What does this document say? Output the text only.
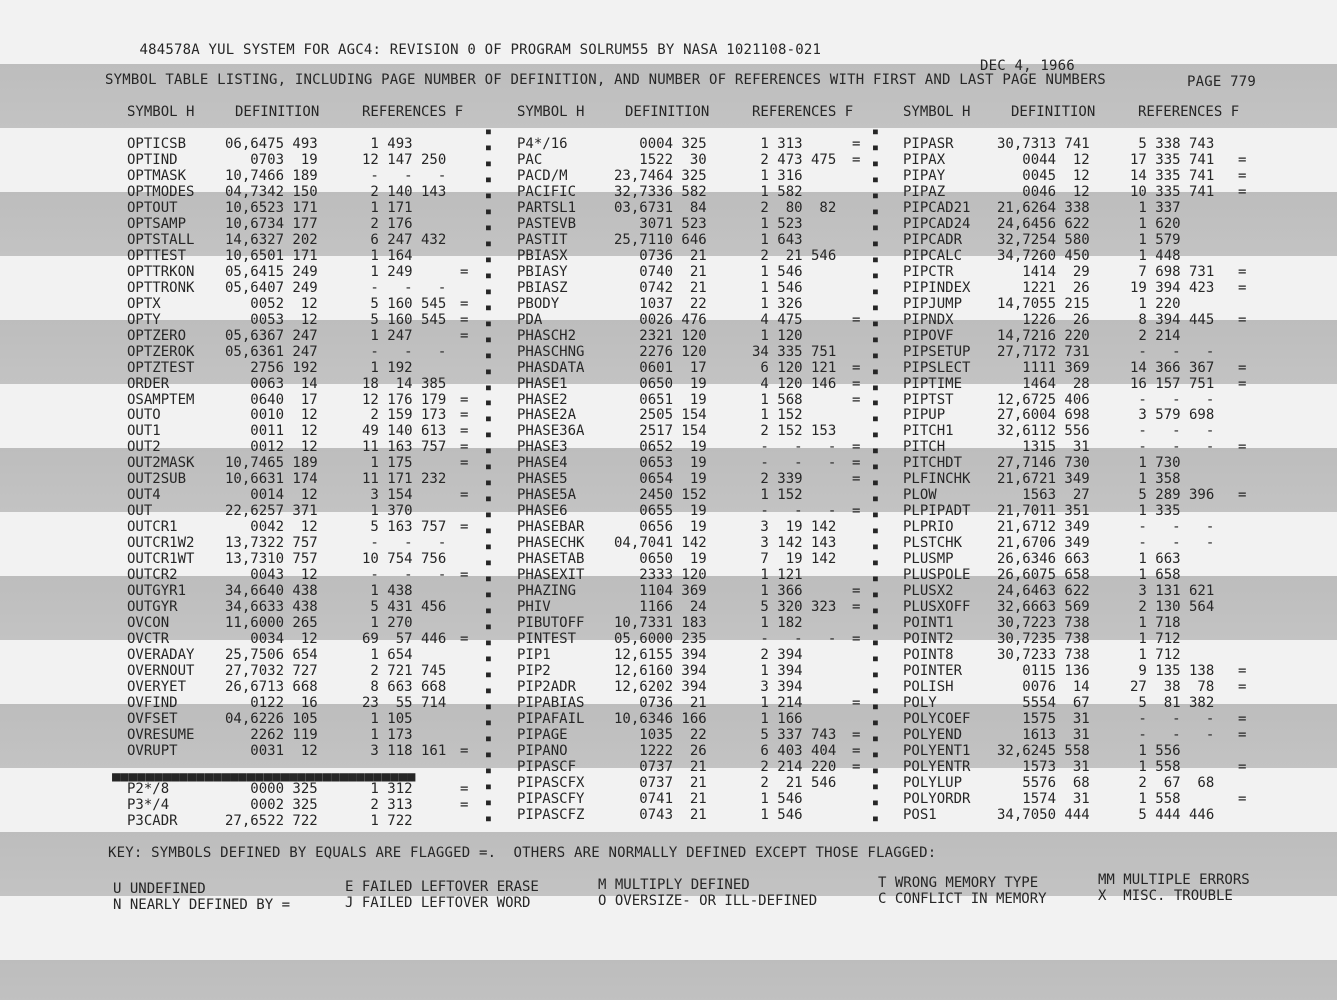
484578A YUL SYSTEM FOR AGC4: REVISION 0 OF PROGRAM SOLRUM55 BY NASA 1021108-021

DEC 4, 1966

PAGE 779

SYMBOL TABLE LISTING, INCLUDING PAGE NUMBER OF DEFINITION, AND NUMBER OF REFERENCES WITH FIRST AND LAST PAGE NUMBERS
SYMBOL H	DEFINITION	REFERENCES F	SYMBOL H	DEFINITION	REFERENCES F	SYMBOL H	DEFINITION	REFERENCES F
OPTICSB	06,6475 493	1 493
OPTIND	0703  19	12 147 250
OPTMASK	10,7466 189	-   -   -
OPTMODES 04,7342 150	2 140 143
OPTOUT	10,6523 171	1 171
OPTSAMP	10,6734 177	2 176
OPTSTALL 14,6327 202	6 247 432
OPTTEST	10,6501 171	1 164
OPTTRKON 05,6415 249	1 249	=
OPTTRONK 05,6407 249	-   -   -
OPTX	0052  12	5 160 545 =
OPTY	0053  12	5 160 545 =
OPTZERO	05,6367 247	1 247	=
OPTZEROK 05,6361 247	-   -   -
OPTZTEST 2756 192	1 192
ORDER	0063  14	18  14 385
OSAMPTEM 0640  17	12 176 179 =
OUTO	0010  12	2 159 173 =
OUT1	0011  12	49 140 613 =
OUT2	0012  12	11 163 757 =
OUT2MASK 10,7465 189	1 175	=
OUT2SUB	10,6631 174	11 171 232
OUT4	0014  12	3 154	=
OUT	22,6257 371	1 370
OUTCR1	0042  12	5 163 757 =
OUTCR1W2 13,7322 757	-   -   -
OUTCR1WT 13,7310 757	10 754 756
OUTCR2	0043  12	-   -   - =
OUTGYR1	34,6640 438	1 438
OUTGYR	34,6633 438	5 431 456
OVCON	11,6000 265	1 270
OVCTR	0034  12	69  57 446 =
OVERADAY 25,7506 654	1 654
OVERNOUT 27,7032 727	2 721 745
OVERYET	26,6713 668	8 663 668
OVFIND	0122  16	23  55 714
OVFSET	04,6226 105	1 105
OVRESUME 2262 119	1 173
OVRUPT	0031  12	3 118 161 =
P2*/8	0000 325	1 312	=
P3*/4	0002 325	2 313	=
P3CADR	27,6522 722	1 722
■
■
■
■
■
■
■
■
■
■
■
■
■
■
■
■
■
■
■
■
■
■
■
■
■
■
■
■
■
■
■
■
■
■
■
■
■
■
■
■
■
■
■
■
P4*/16	0004 325	1 313	=
PAC	1522  30	2 473 475 =
PACD/M	23,7464 325	1 316
PACIFIC	32,7336 582	1 582
PARTSL1	03,6731  84	2  80  82
PASTEVB	3071 523	1 523
PASTIT	25,7110 646	1 643
PBIASX	0736  21	2  21 546
PBIASY	0740  21	1 546
PBIASZ	0742  21	1 546
PBODY	1037  22	1 326
PDA	0026 476	4 475	=
PHASCH2	2321 120	1 120
PHASCHNG 2276 120	34 335 751
PHASDATA 0601  17	6 120 121 =
PHASE1	0650  19	4 120 146 =
PHASE2	0651  19	1 568	=
PHASE2A	2505 154	1 152
PHASE36A 2517 154	2 152 153
PHASE3	0652  19	-   -   - =
PHASE4	0653  19	-   -   - =
PHASE5	0654  19	2 339	=
PHASE5A	2450 152	1 152
PHASE6	0655  19	-   -   - =
PHASEBAR 0656  19	3  19 142
PHASECHK 04,7041 142	3 142 143
PHASETAB 0650  19	7  19 142
PHASEXIT 2333 120	1 121
PHAZING	1104 369	1 366	=
PHIV	1166  24	5 320 323 =
PIBUTOFF 10,7331 183	1 182
PINTEST	05,6000 235	-   -   - =
PIP1	12,6155 394	2 394
PIP2	12,6160 394	1 394
PIP2ADR	12,6202 394	3 394
PIPABIAS 0736  21	1 214	=
PIPAFAIL 10,6346 166	1 166
PIPAGE	1035  22	5 337 743 =
PIPANO	1222  26	6 403 404 =
PIPASCF	0737  21	2 214 220 =
PIPASCFX 0737  21	2  21 546
PIPASCFY 0741  21	1 546
PIPASCFZ 0743  21	1 546
■
■
■
■
■
■
■
■
■
■
■
■
■
■
■
■
■
■
■
■
■
■
■
■
■
■
■
■
■
■
■
■
■
■
■
■
■
■
■
■
■
■
■
■
PIPASR	30,7313 741	5 338 743
PIPAX	0044  12	17 335 741 =
PIPAY	0045  12	14 335 741 =
PIPAZ	0046  12	10 335 741 =
PIPCAD21 21,6264 338	1 337
PIPCAD24 24,6456 622	1 620
PIPCADR 32,7254 580	1 579
PIPCALC 34,7260 450	1 448
PIPCTR	1414  29	7 698 731 =
PIPINDEX 1221  26	19 394 423 =
PIPJUMP 14,7055 215	1 220
PIPNDX	1226  26	8 394 445 =
PIPOVF	14,7216 220	2 214
PIPSETUP 27,7172 731	-   -   -
PIPSLECT 1111 369	14 366 367 =
PIPTIME 1464  28	16 157 751 =
PIPTST	12,6725 406	-   -   -
PIPUP	27,6004 698	3 579 698
PITCH1	32,6112 556	-   -   -
PITCH	1315  31	-   -   - =
PITCHDT 27,7146 730	1 730
PLFINCHK 21,6721 349	1 358
PLOW	1563  27	5 289 396 =
PLPIPADT 21,7011 351	1 335
PLPRIO	21,6712 349	-   -   -
PLSTCHK 21,6706 349	-   -   -
PLUSMP	26,6346 663	1 663
PLUSPOLE 26,6075 658	1 658
PLUSX2	24,6463 622	3 131 621
PLUSXOFF 32,6663 569	2 130 564
POINT1	30,7223 738	1 718
POINT2	30,7235 738	1 712
POINT8	30,7233 738	1 712
POINTER 0115 136	9 135 138 =
POLISH	0076  14	27  38  78 =
POLY	5554  67	5  81 382
POLYCOEF 1575  31	-   -   - =
POLYEND 1613  31	-   -   - =
POLYENT1 32,6245 558	1 556
POLYENTR 1573  31	1 558	=
POLYLUP 5576  68	2  67  68
POLYORDR 1574  31	1 558	=
POS1	34,7050 444	5 444 446
■■■■■■■■■■■■■■■■■■■■■■■■■■■■■■■■■■■■
KEY: SYMBOLS DEFINED BY EQUALS ARE FLAGGED =.  OTHERS ARE NORMALLY DEFINED EXCEPT THOSE FLAGGED:
U UNDEFINED
N NEARLY DEFINED BY =
E FAILED LEFTOVER ERASE
J FAILED LEFTOVER WORD
M MULTIPLY DEFINED
O OVERSIZE- OR ILL-DEFINED
T WRONG MEMORY TYPE
C CONFLICT IN MEMORY
MM MULTIPLE ERRORS
X  MISC. TROUBLE
